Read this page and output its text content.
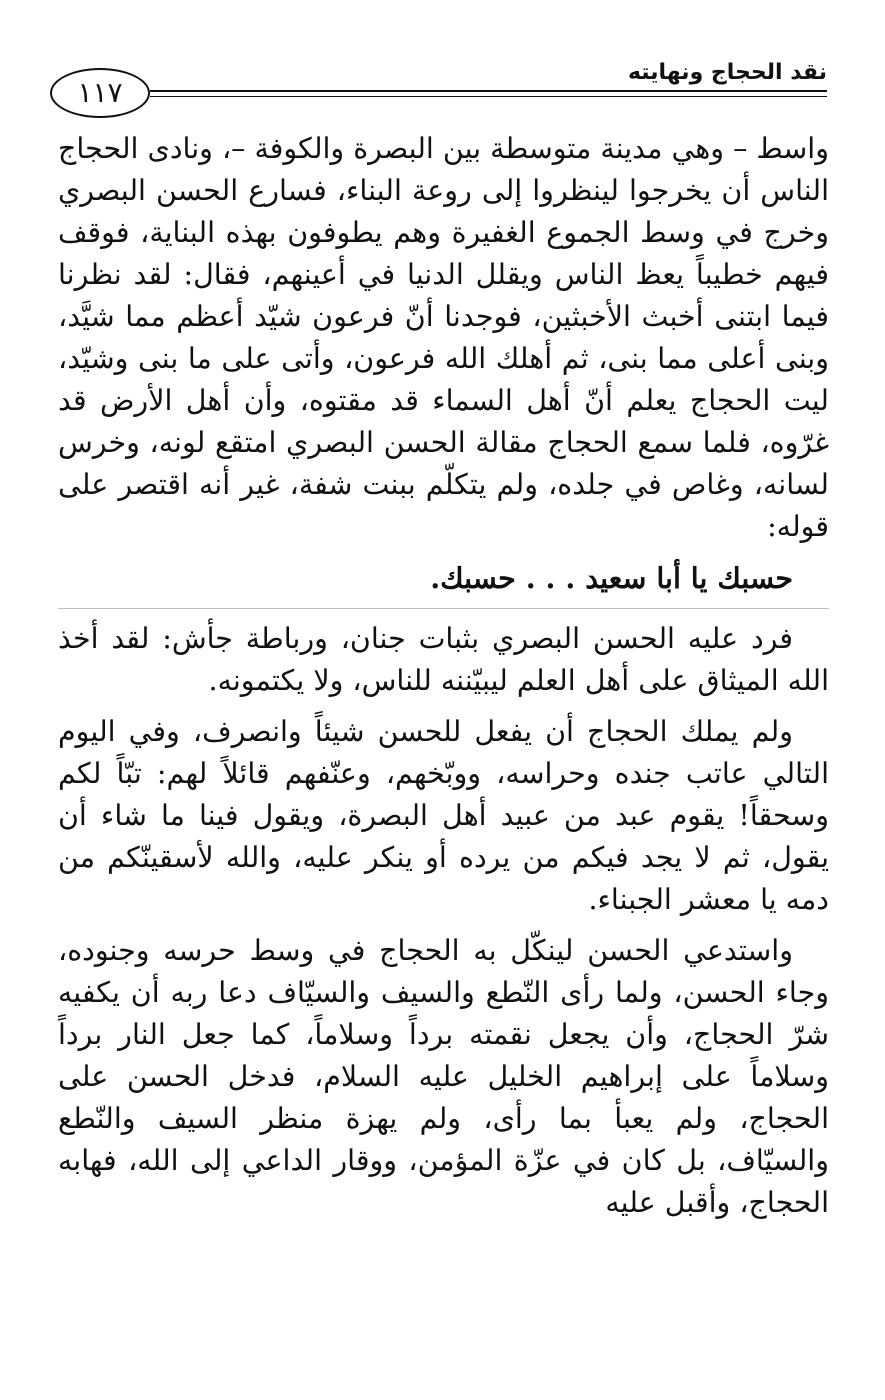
نقد الحجاج ونهايته
١١٧

واسط – وهي مدينة متوسطة بين البصرة والكوفة –، ونادى الحجاج الناس أن يخرجوا لينظروا إلى روعة البناء، فسارع الحسن البصري وخرج في وسط الجموع الغفيرة وهم يطوفون بهذه البناية، فوقف فيهم خطيباً يعظ الناس ويقلل الدنيا في أعينهم، فقال: لقد نظرنا فيما ابتنى أخبث الأخبثين، فوجدنا أنّ فرعون شيّد أعظم مما شيَّد، وبنى أعلى مما بنى، ثم أهلك الله فرعون، وأتى على ما بنى وشيّد، ليت الحجاج يعلم أنّ أهل السماء قد مقتوه، وأن أهل الأرض قد غرّوه، فلما سمع الحجاج مقالة الحسن البصري امتقع لونه، وخرس لسانه، وغاص في جلده، ولم يتكلّم ببنت شفة، غير أنه اقتصر على قوله:

حسبك يا أبا سعيد . . . حسبك.

فرد عليه الحسن البصري بثبات جنان، ورباطة جأش: لقد أخذ الله الميثاق على أهل العلم ليبيّننه للناس، ولا يكتمونه.

ولم يملك الحجاج أن يفعل للحسن شيئاً وانصرف، وفي اليوم التالي عاتب جنده وحراسه، ووبّخهم، وعنّفهم قائلاً لهم: تبّاً لكم وسحقاً! يقوم عبد من عبيد أهل البصرة، ويقول فينا ما شاء أن يقول، ثم لا يجد فيكم من يرده أو ينكر عليه، والله لأسقينّكم من دمه يا معشر الجبناء.

واستدعي الحسن لينكّل به الحجاج في وسط حرسه وجنوده، وجاء الحسن، ولما رأى النّطع والسيف والسيّاف دعا ربه أن يكفيه شرّ الحجاج، وأن يجعل نقمته برداً وسلاماً، كما جعل النار برداً وسلاماً على إبراهيم الخليل عليه السلام، فدخل الحسن على الحجاج، ولم يعبأ بما رأى، ولم يهزة منظر السيف والنّطع والسيّاف، بل كان في عزّة المؤمن، ووقار الداعي إلى الله، فهابه الحجاج، وأقبل عليه
